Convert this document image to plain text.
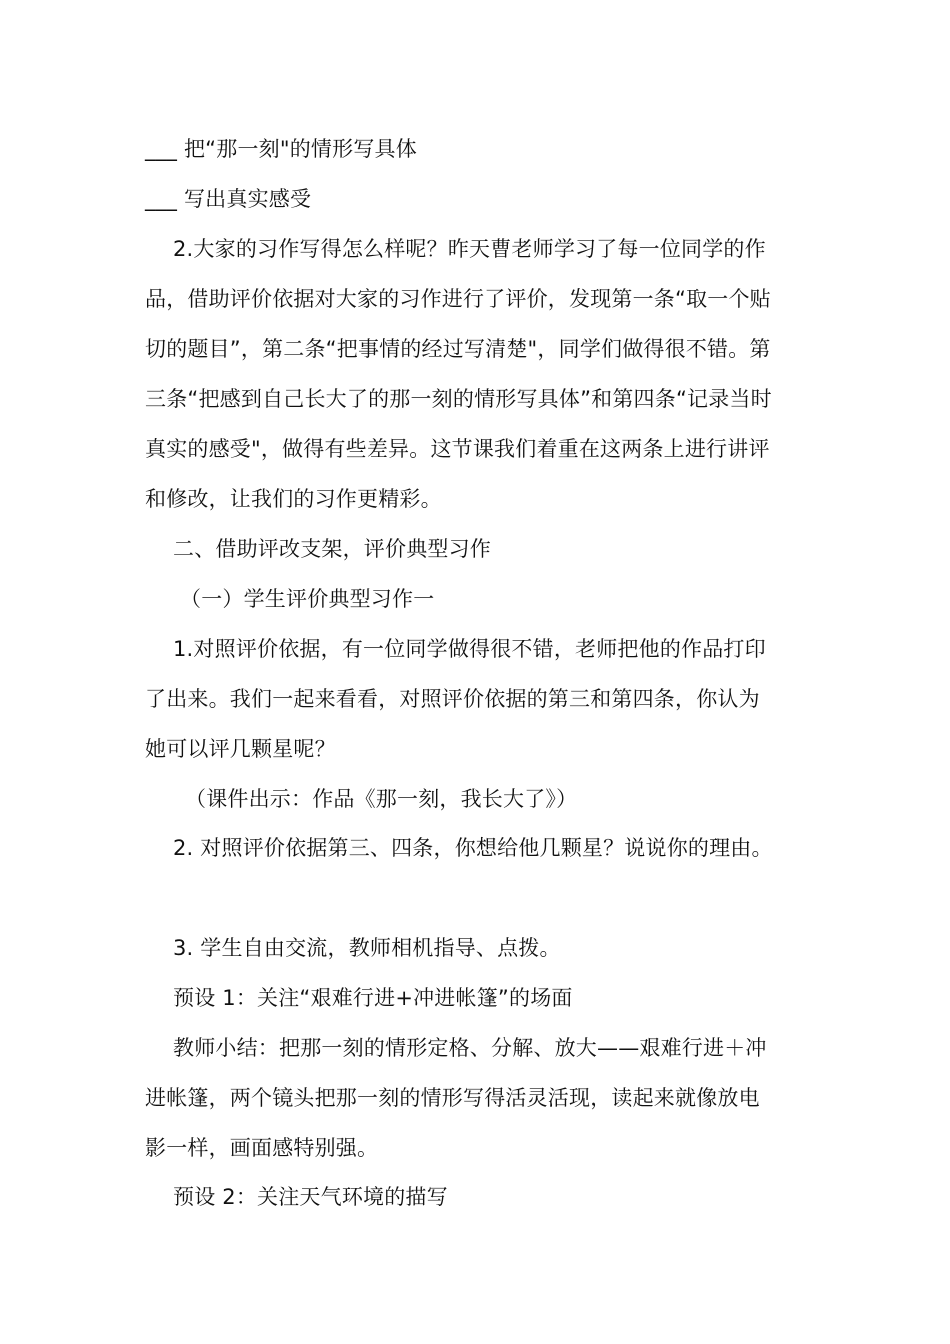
___ 把“那一刻"的情形写具体
___ 写出真实感受
2.大家的习作写得怎么样呢？昨天曹老师学习了每一位同学的作
品，借助评价依据对大家的习作进行了评价，发现第一条“取一个贴
切的题目”，第二条“把事情的经过写清楚"，同学们做得很不错。第
三条“把感到自己长大了的那一刻的情形写具体”和第四条“记录当时
真实的感受"，做得有些差异。这节课我们着重在这两条上进行讲评
和修改，让我们的习作更精彩。
二、借助评改支架，评价典型习作
（一）学生评价典型习作一
1.对照评价依据，有一位同学做得很不错，老师把他的作品打印
了出来。我们一起来看看，对照评价依据的第三和第四条，你认为
她可以评几颗星呢？
（课件出示：作品《那一刻，我长大了》）
2. 对照评价依据第三、四条，你想给他几颗星？说说你的理由。
3. 学生自由交流，教师相机指导、点拨。
预设 1：关注“艰难行进+冲进帐篷”的场面
教师小结：把那一刻的情形定格、分解、放大——艰难行进＋冲
进帐篷，两个镜头把那一刻的情形写得活灵活现，读起来就像放电
影一样，画面感特别强。
预设 2：关注天气环境的描写
